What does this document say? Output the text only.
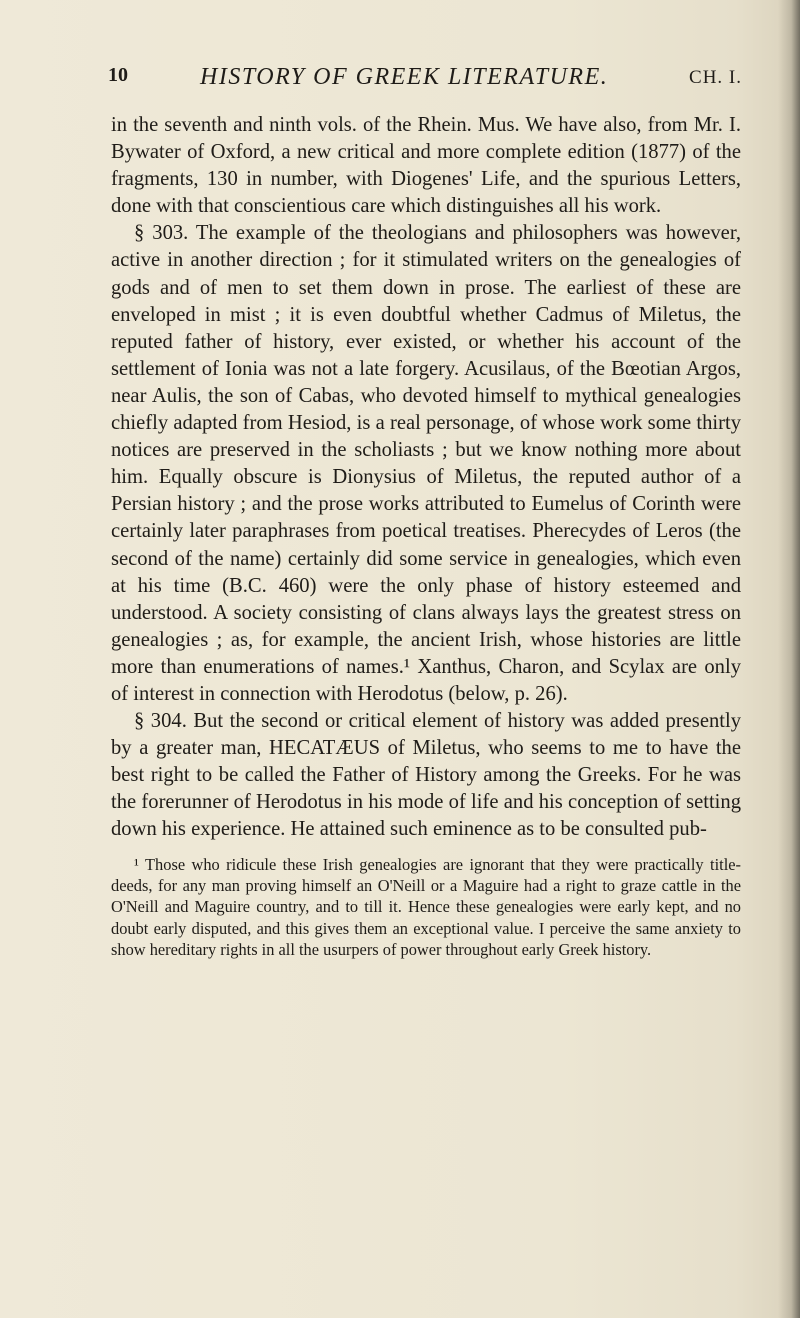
10	HISTORY OF GREEK LITERATURE.	CH. I.

in the seventh and ninth vols. of the Rhein. Mus. We have also, from Mr. I. Bywater of Oxford, a new critical and more complete edition (1877) of the fragments, 130 in number, with Diogenes' Life, and the spurious Letters, done with that conscientious care which distinguishes all his work.

§ 303. The example of the theologians and philosophers was however, active in another direction ; for it stimulated writers on the genealogies of gods and of men to set them down in prose. The earliest of these are enveloped in mist ; it is even doubtful whether Cadmus of Miletus, the reputed father of history, ever existed, or whether his account of the settlement of Ionia was not a late forgery. Acusilaus, of the Bœotian Argos, near Aulis, the son of Cabas, who devoted himself to mythical genealogies chiefly adapted from Hesiod, is a real personage, of whose work some thirty notices are preserved in the scholiasts ; but we know nothing more about him. Equally obscure is Dionysius of Miletus, the reputed author of a Persian history ; and the prose works attributed to Eumelus of Corinth were certainly later paraphrases from poetical treatises. Pherecydes of Leros (the second of the name) certainly did some service in genealogies, which even at his time (B.C. 460) were the only phase of history esteemed and understood. A society consisting of clans always lays the greatest stress on genealogies ; as, for example, the ancient Irish, whose histories are little more than enumerations of names.¹ Xanthus, Charon, and Scylax are only of interest in connection with Herodotus (below, p. 26).

§ 304. But the second or critical element of history was added presently by a greater man, HECATÆUS of Miletus, who seems to me to have the best right to be called the Father of History among the Greeks. For he was the forerunner of Herodotus in his mode of life and his conception of setting down his experience. He attained such eminence as to be consulted pub-

¹ Those who ridicule these Irish genealogies are ignorant that they were practically title-deeds, for any man proving himself an O'Neill or a Maguire had a right to graze cattle in the O'Neill and Maguire country, and to till it. Hence these genealogies were early kept, and no doubt early disputed, and this gives them an exceptional value. I perceive the same anxiety to show hereditary rights in all the usurpers of power throughout early Greek history.
